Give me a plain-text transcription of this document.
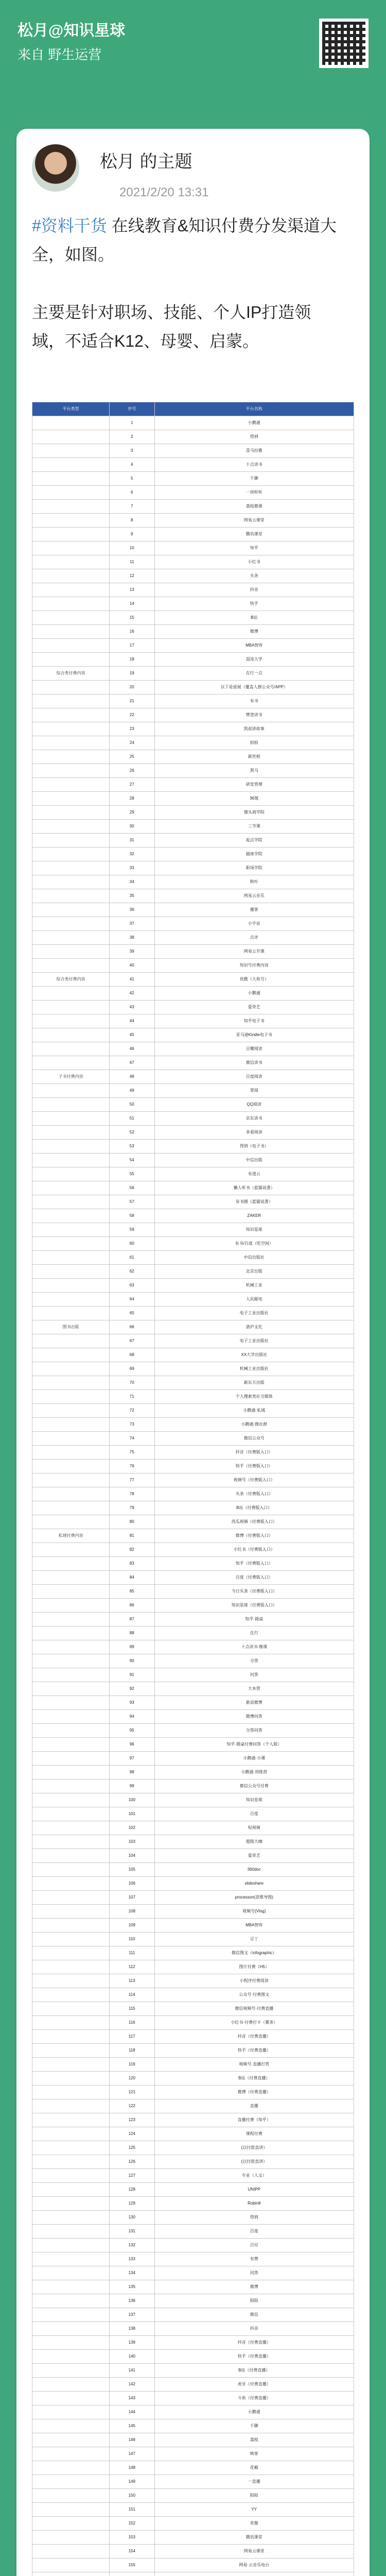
松月@知识星球
来自 野生运营
松月 的主题
2021/2/20 13:31
#资料干货 在线教育&知识付费分发渠道大全，如图。

主要是针对职场、技能、个人IP打造领域，不适合K12、母婴、启蒙。
平台类型	序号	平台名称
	1	小鹅通
	2	得到
	3	喜马拉雅
	4	十点读书
	5	千聊
	6	一块听听
	7	荔枝微课
	8	网易云课堂
	9	腾讯课堂
	10	知乎
	11	小红书
	12	头条
	13	抖音
	14	快手
	15	B站
	16	微博
	17	MBA智库
	18	混沌大学
综合类付费内容	19	在行一点
	20	以下是延展（覆盖人群公众号/APP）
	21	有书
	22	樊登读书
	23	凯叔讲故事
	24	拍拍
	25	新世相
	26	黑马
	27	研发管理
	28	36氪
	29	馒头商学院
	30	三节课
	31	起点学院
	32	插座学院
	33	职场学院
	34	秋叶
	35	网易云音乐
	36	播客
	37	小宇宙
	38	点评
	39	网易公开课
	40	知识号付费内容
综合类付费内容	41	优酷（大鱼号）
	42	小鹅通
	43	爱奇艺
	44	知乎电子书
	45	亚马逊Kindle电子书
	46	豆瓣阅读
	47	微信读书
子书付费内容	48	百度阅读
	49	掌阅
	50	QQ阅读
	51	京东读书
	52	多看阅读
	53	得到（电子书）
	54	中信出版
	55	有道云
	56	懒人听书（蓝猫说書）
	57	有书圈（蓝猫说書）
	58	ZAKER
	59	知识星球
	60	有书/百度（吃空间）
	61	中信出版社
	62	北京出版
	63	机械工业
	64	人民邮电
	65	电子工业出版社
图书出版	66	湛庐文化
	67	电子工业出版社
	68	XX大学出版社
	69	机械工业出版社
	70	新东方出版
	71	个人搜索类社交媒体
	72	小鹅通·私域
	73	小鹅通·微社群
	74	微信公众号
	75	抖音（付费版入口）
	76	快手（付费版入口）
	77	视频号（付费版入口）
	78	头条（付费版入口）
	79	B站（付费版入口）
	80	西瓜视频（付费版入口）
私域付费内容	81	微博（付费版入口）
	82	小红书（付费版入口）
	83	知乎（付费版入口）
	84	百度（付费版入口）
	85	今日头条（付费版入口）
	86	知识星球（付费版入口）
	87	知乎·圆桌
	88	在行
	89	十点读书·微课
	90	分答
	91	问答
	92	大本营
	93	新浪微博
	94	微博问答
	95	分答问答
	96	知乎·圆桌付费问答（个人版）
	97	小鹅通·小课
	98	小鹅通·训练营
	99	微信公众号付费
	100	知识星球
	101	百度
	102	短视频
	103	超级大咖
	104	爱奇艺
	105	360doc
	106	slideshare
	107	processon(思维导图)
	108	视频号(Vlog)
	109	MBA智库
	110	豆丁
	111	微信图文（infographic）
	112	图片付费（H5）
	113	小程序付费阅读
	114	公众号·付费图文
	115	微信视频号·付费直播
	116	小红书·付费打卡（薯条）
	117	抖音（付费直播）
	118	快手（付费直播）
	119	视频号·直播打赏
	120	B站（付费直播）
	121	微博（付费直播）
	122	直播
	123	直播付费（知乎）
	124	课程付费
	125	(以付款直讲）
	126	(以付款直讲）
	127	专业（人文）
	128	UNIPP
	129	Robin8
	130	得到
	131	百度
	132	百付
	133	有赞
	134	问答
	135	微博
	136	陌陌
	137	微信
	138	抖音
	139	抖音（付费直播）
	140	快手（付费直播）
	141	B站（付费直播）
	142	虎牙（付费直播）
	143	斗鱼（付费直播）
	144	小鹅通
	145	千聊
	146	荔枝
	147	映客
	148	花椒
	149	一直播
	150	陌陌
	151	YY
	152	欢聚
	153	腾讯课堂
	154	网易云课堂
	155	网易·云音乐电台
